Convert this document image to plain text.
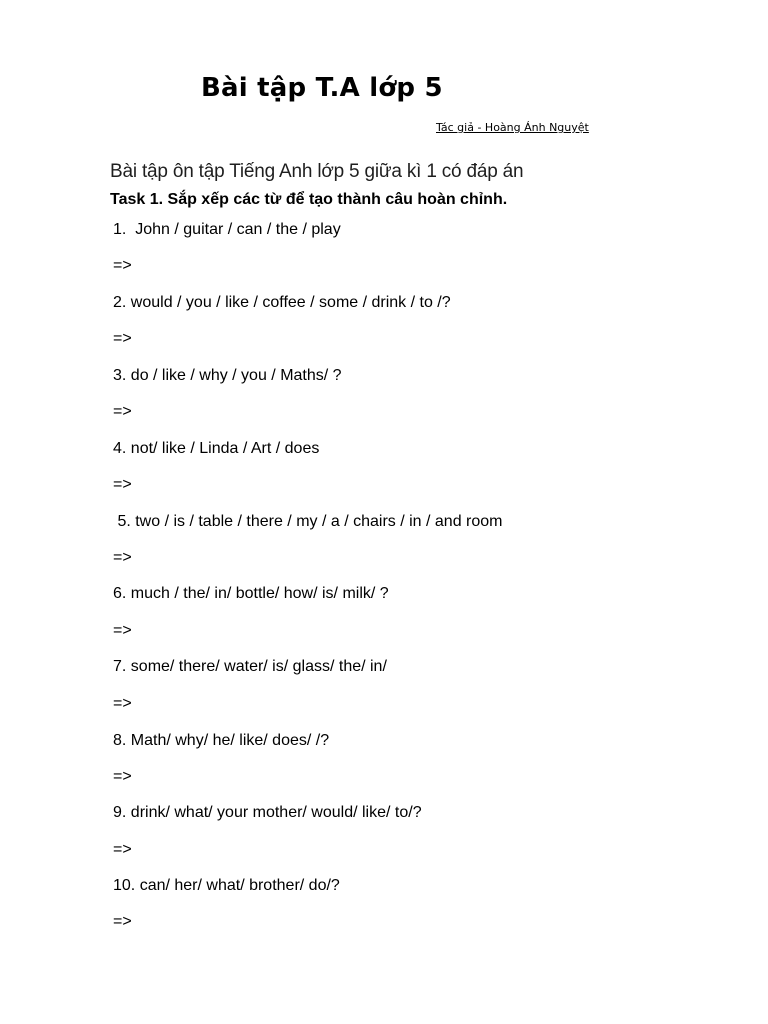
Bài tập T.A lớp 5
Tác giả - Hoàng Ánh Nguyệt
Bài tập ôn tập Tiếng Anh lớp 5 giữa kì 1 có đáp án
Task 1. Sắp xếp các từ để tạo thành câu hoàn chỉnh.
1.  John / guitar / can / the / play
=>
2. would / you / like / coffee / some / drink / to /?
=>
3. do / like / why / you / Maths/ ?
=>
4. not/ like / Linda / Art / does
=>
5. two / is / table / there / my / a / chairs / in / and room
=>
6. much / the/ in/ bottle/ how/ is/ milk/ ?
=>
7. some/ there/ water/ is/ glass/ the/ in/
=>
8. Math/ why/ he/ like/ does/ /?
=>
9. drink/ what/ your mother/ would/ like/ to/?
=>
10. can/ her/ what/ brother/ do/?
=>
